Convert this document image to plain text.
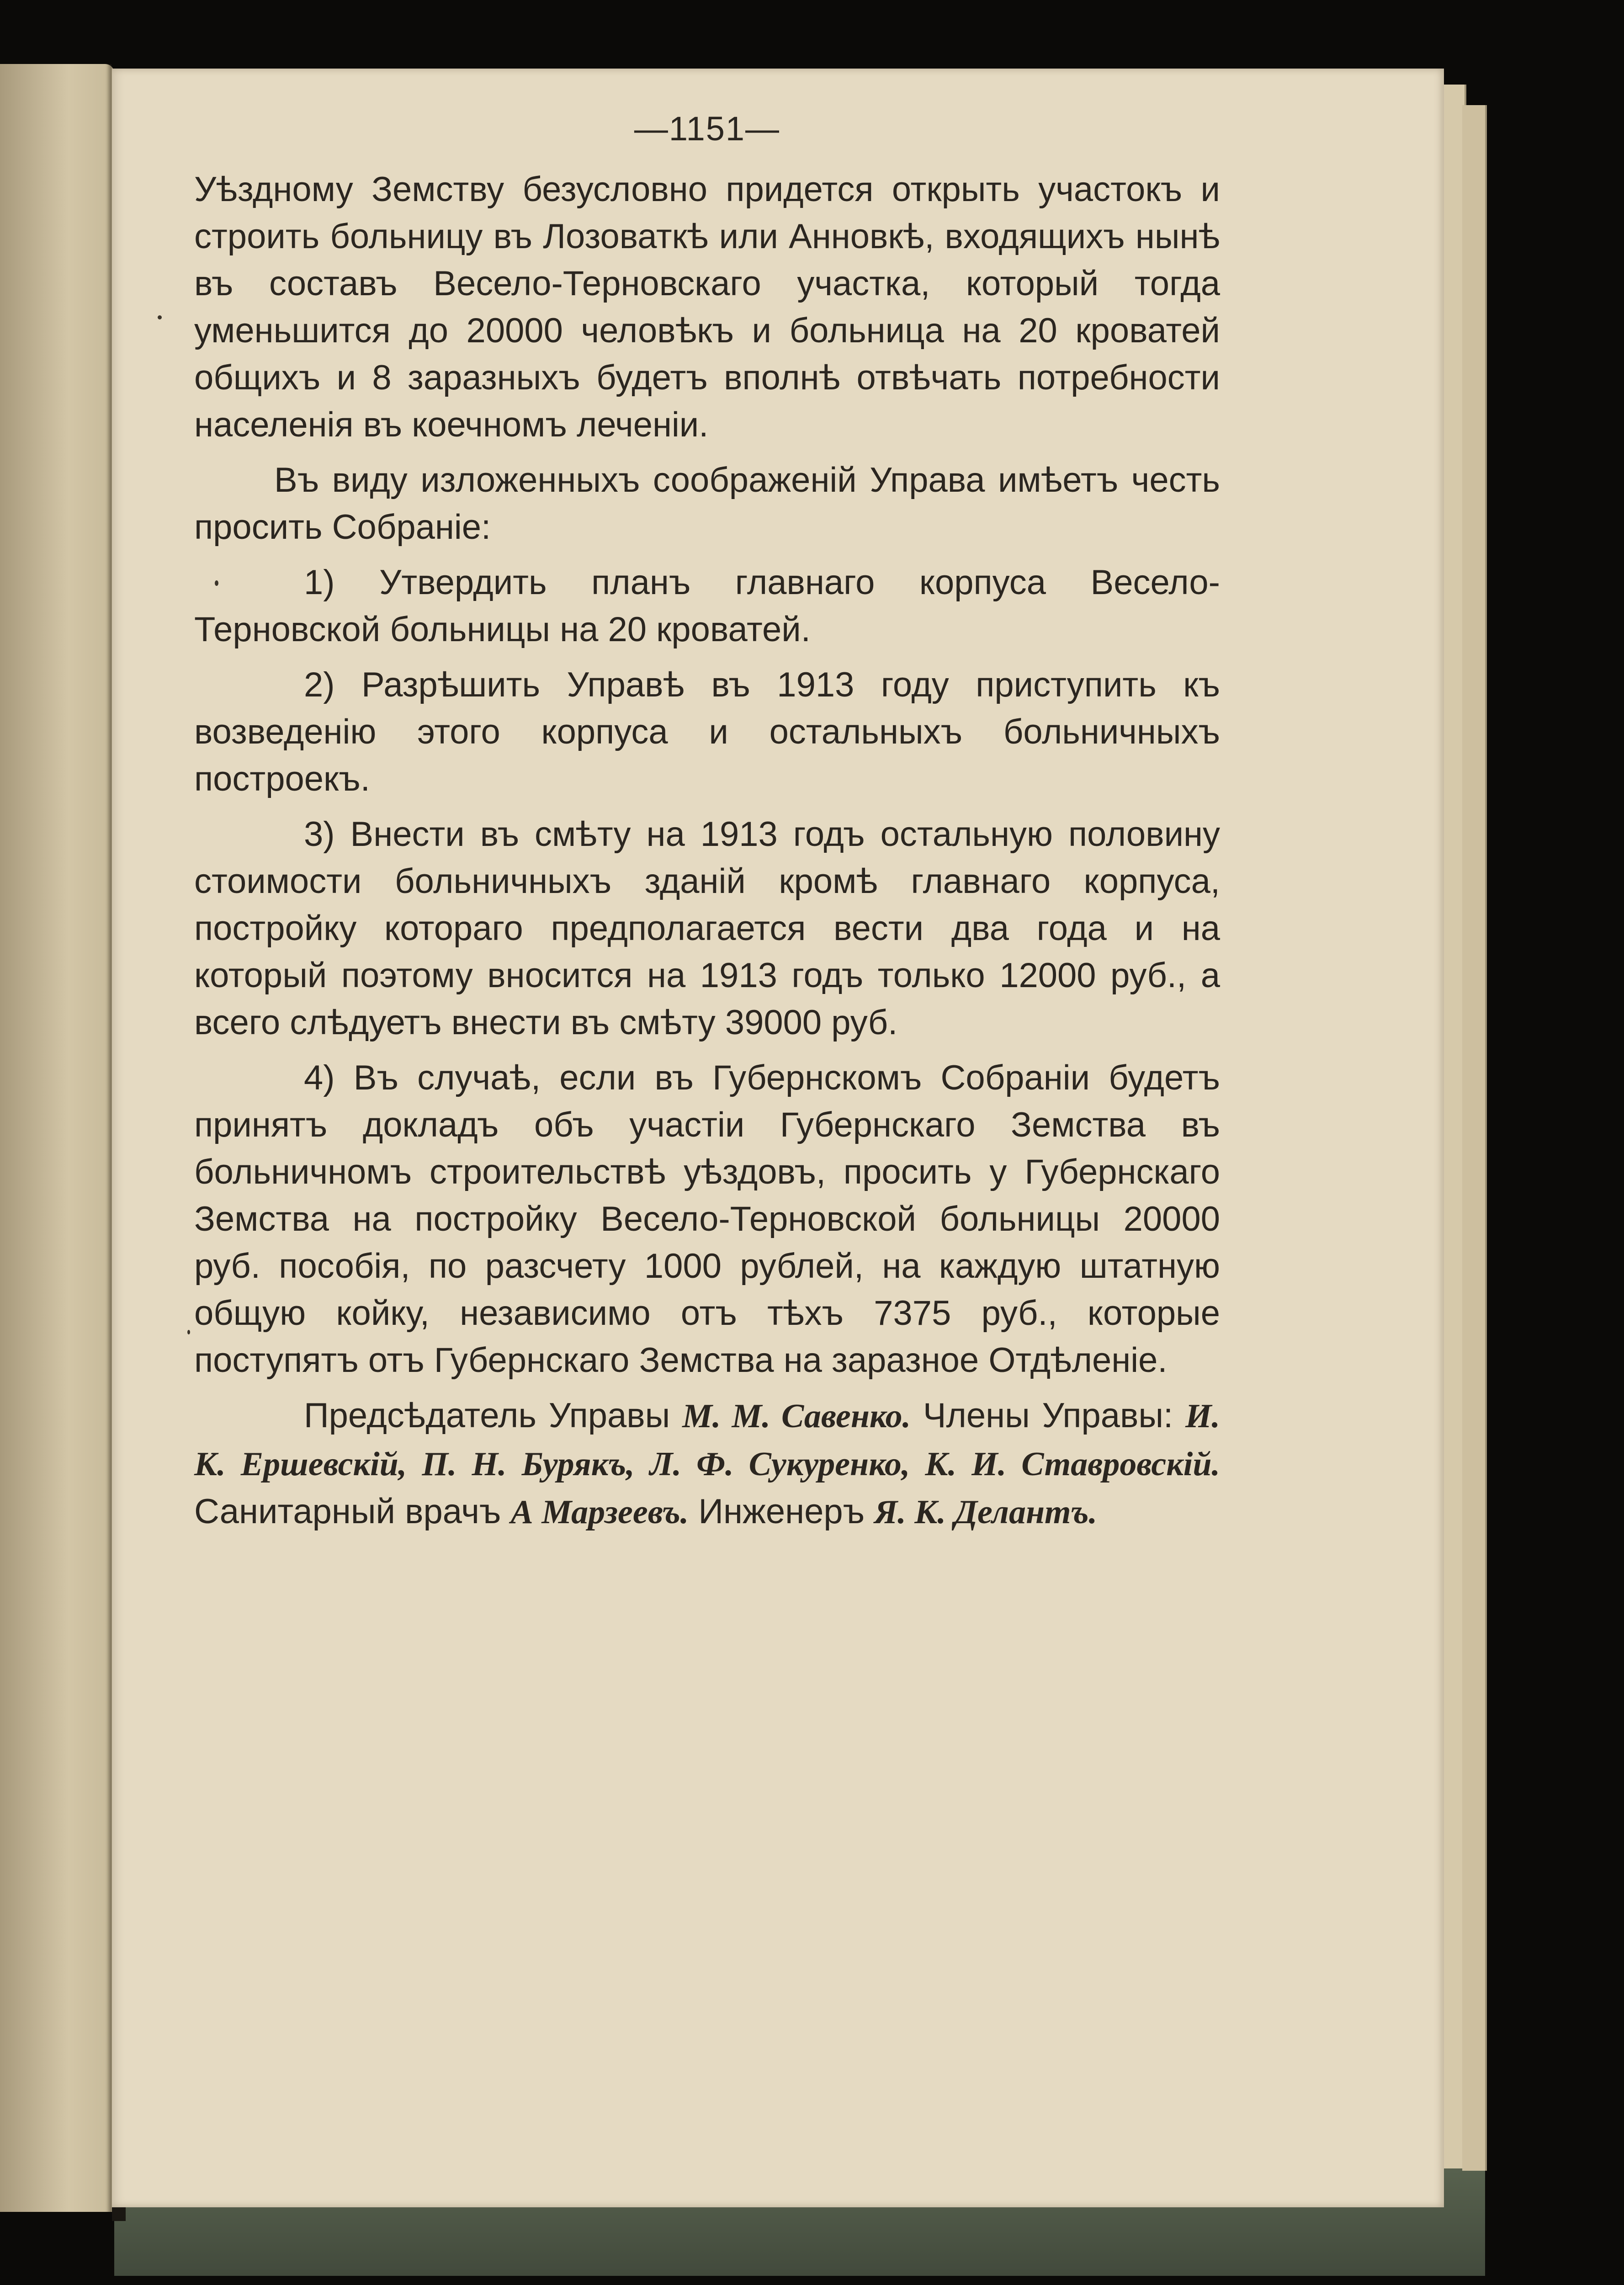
—1151—

Уѣздному Земству безусловно придется открыть участокъ и строить больницу въ Лозоваткѣ или Анновкѣ, входящихъ нынѣ въ составъ Весело-Терновскаго участка, который тогда уменьшится до 20000 человѣкъ и больница на 20 кроватей общихъ и 8 заразныхъ будетъ вполнѣ отвѣчать потребности населенія въ коечномъ леченіи.

Въ виду изложенныхъ соображеній Управа имѣетъ честь просить Собраніе:

1) Утвердить планъ главнаго корпуса Весело-Терновской больницы на 20 кроватей.

2) Разрѣшить Управѣ въ 1913 году приступить къ возведенію этого корпуса и остальныхъ больничныхъ построекъ.

3) Внести въ смѣту на 1913 годъ остальную половину стоимости больничныхъ зданій кромѣ главнаго корпуса, постройку котораго предполагается вести два года и на который поэтому вносится на 1913 годъ только 12000 руб., а всего слѣдуетъ внести въ смѣту 39000 руб.

4) Въ случаѣ, если въ Губернскомъ Собраніи будетъ принятъ докладъ объ участіи Губернскаго Земства въ больничномъ строительствѣ уѣздовъ, просить у Губернскаго Земства на постройку Весело-Терновской больницы 20000 руб. пособія, по разсчету 1000 рублей, на каждую штатную общую койку, независимо отъ тѣхъ 7375 руб., которые поступятъ отъ Губернскаго Земства на заразное Отдѣленіе.

Предсѣдатель Управы М. М. Савенко. Члены Управы: И. К. Ершевскій, П. Н. Бурякъ, Л. Ф. Сукуренко, К. И. Ставровскій. Санитарный врачъ А Марзеевъ. Инженеръ Я. К. Делантъ.
